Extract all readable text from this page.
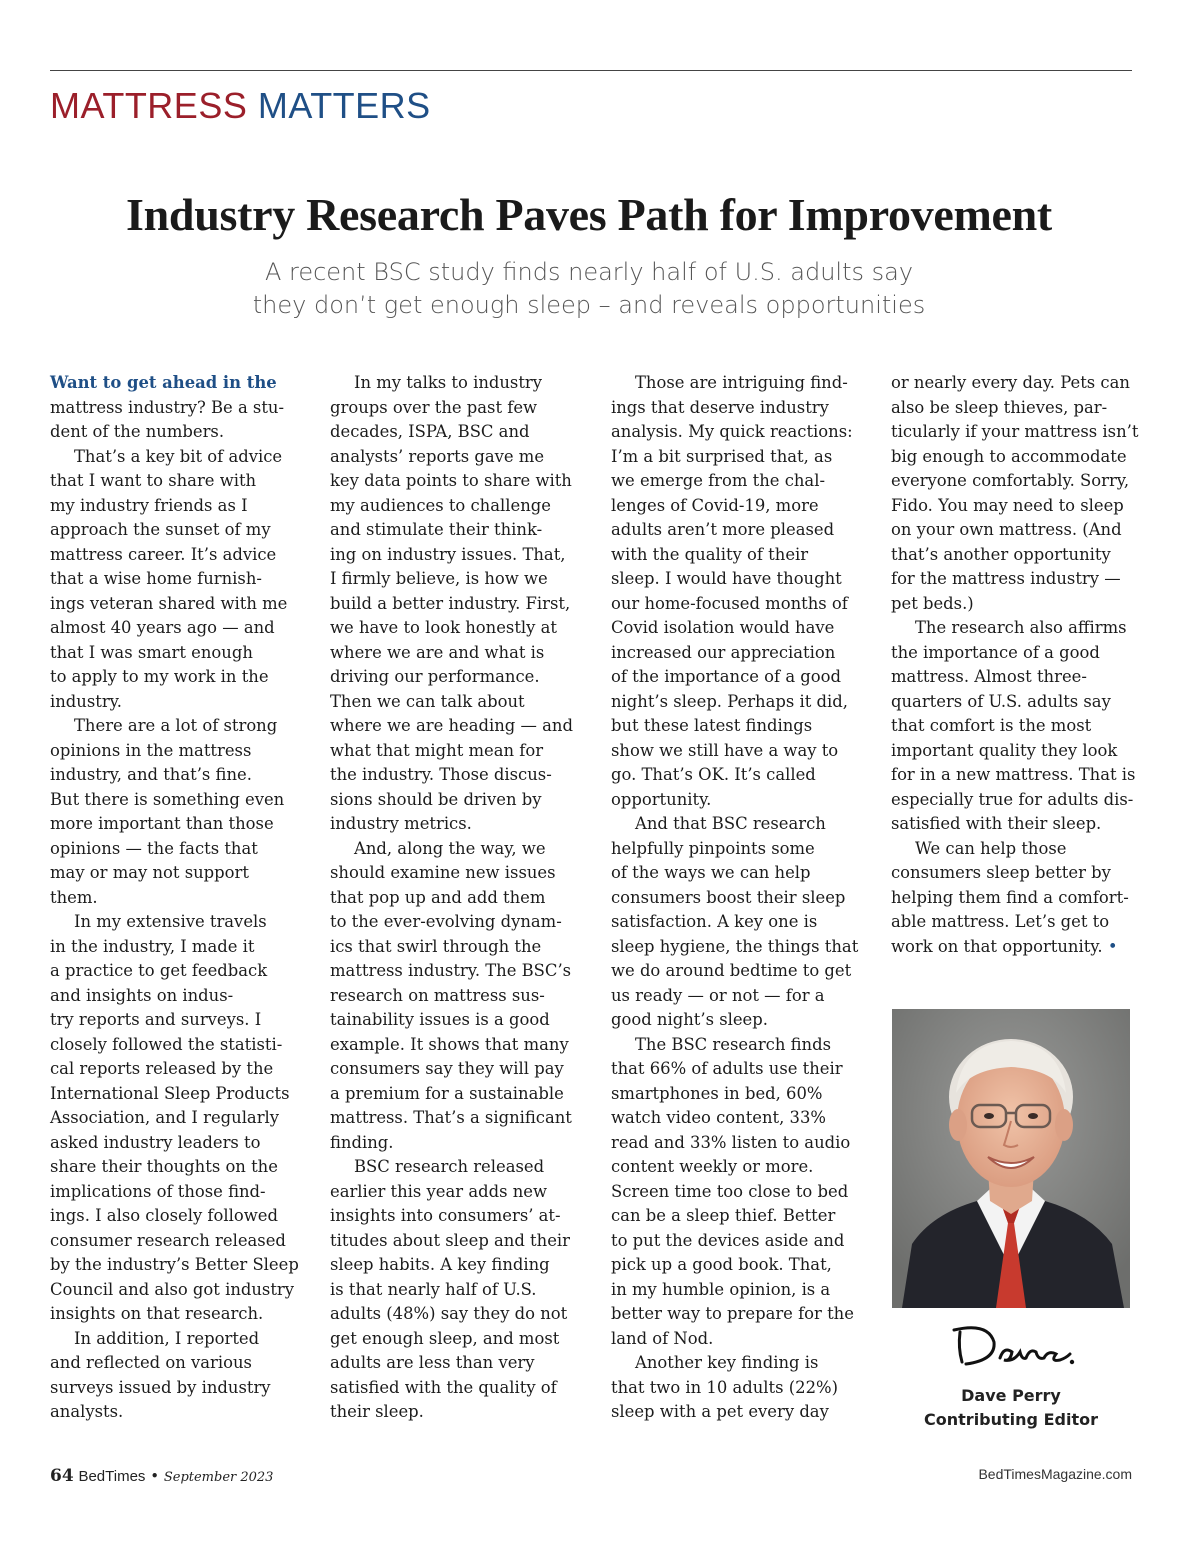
MATTRESS MATTERS
Industry Research Paves Path for Improvement
A recent BSC study finds nearly half of U.S. adults say
they don’t get enough sleep – and reveals opportunities
Want to get ahead in the
mattress industry? Be a stu-
dent of the numbers.
That’s a key bit of advice
that I want to share with
my industry friends as I
approach the sunset of my
mattress career. It’s advice
that a wise home furnish-
ings veteran shared with me
almost 40 years ago — and
that I was smart enough
to apply to my work in the
industry.
There are a lot of strong
opinions in the mattress
industry, and that’s fine.
But there is something even
more important than those
opinions — the facts that
may or may not support
them.
In my extensive travels
in the industry, I made it
a practice to get feedback
and insights on indus-
try reports and surveys. I
closely followed the statisti-
cal reports released by the
International Sleep Products
Association, and I regularly
asked industry leaders to
share their thoughts on the
implications of those find-
ings. I also closely followed
consumer research released
by the industry’s Better Sleep
Council and also got industry
insights on that research.
In addition, I reported
and reflected on various
surveys issued by industry
analysts.
In my talks to industry
groups over the past few
decades, ISPA, BSC and
analysts’ reports gave me
key data points to share with
my audiences to challenge
and stimulate their think-
ing on industry issues. That,
I firmly believe, is how we
build a better industry. First,
we have to look honestly at
where we are and what is
driving our performance.
Then we can talk about
where we are heading — and
what that might mean for
the industry. Those discus-
sions should be driven by
industry metrics.
And, along the way, we
should examine new issues
that pop up and add them
to the ever-evolving dynam-
ics that swirl through the
mattress industry. The BSC’s
research on mattress sus-
tainability issues is a good
example. It shows that many
consumers say they will pay
a premium for a sustainable
mattress. That’s a significant
finding.
BSC research released
earlier this year adds new
insights into consumers’ at-
titudes about sleep and their
sleep habits. A key finding
is that nearly half of U.S.
adults (48%) say they do not
get enough sleep, and most
adults are less than very
satisfied with the quality of
their sleep.
Those are intriguing find-
ings that deserve industry
analysis. My quick reactions:
I’m a bit surprised that, as
we emerge from the chal-
lenges of Covid-19, more
adults aren’t more pleased
with the quality of their
sleep. I would have thought
our home-focused months of
Covid isolation would have
increased our appreciation
of the importance of a good
night’s sleep. Perhaps it did,
but these latest findings
show we still have a way to
go. That’s OK. It’s called
opportunity.
And that BSC research
helpfully pinpoints some
of the ways we can help
consumers boost their sleep
satisfaction. A key one is
sleep hygiene, the things that
we do around bedtime to get
us ready — or not — for a
good night’s sleep.
The BSC research finds
that 66% of adults use their
smartphones in bed, 60%
watch video content, 33%
read and 33% listen to audio
content weekly or more.
Screen time too close to bed
can be a sleep thief. Better
to put the devices aside and
pick up a good book. That,
in my humble opinion, is a
better way to prepare for the
land of Nod.
Another key finding is
that two in 10 adults (22%)
sleep with a pet every day
or nearly every day. Pets can
also be sleep thieves, par-
ticularly if your mattress isn’t
big enough to accommodate
everyone comfortably. Sorry,
Fido. You may need to sleep
on your own mattress. (And
that’s another opportunity
for the mattress industry —
pet beds.)
The research also affirms
the importance of a good
mattress. Almost three-
quarters of U.S. adults say
that comfort is the most
important quality they look
for in a new mattress. That is
especially true for adults dis-
satisfied with their sleep.
We can help those
consumers sleep better by
helping them find a comfort-
able mattress. Let’s get to
work on that opportunity. •
Dave Perry
Contributing Editor
64 BedTimes • September 2023	BedTimesMagazine.com
